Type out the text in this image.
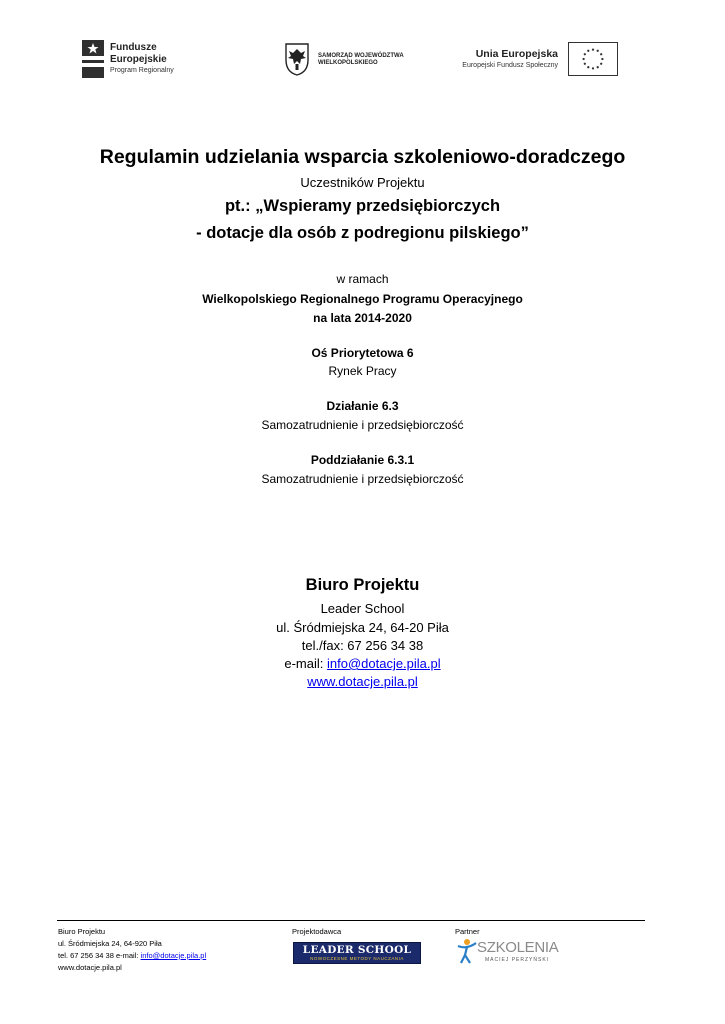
Fundusze
Europejskie
Program Regionalny
SAMORZĄD WOJEWÓDZTWA
WIELKOPOLSKIEGO
Unia Europejska
Europejski Fundusz Społeczny
Regulamin udzielania wsparcia szkoleniowo-doradczego
Uczestników Projektu
pt.: „Wspieramy przedsiębiorczych
- dotacje dla osób z podregionu pilskiego”
w ramach
Wielkopolskiego Regionalnego Programu Operacyjnego
na lata 2014-2020
Oś Priorytetowa 6
Rynek Pracy
Działanie 6.3
Samozatrudnienie i przedsiębiorczość
Poddziałanie 6.3.1
Samozatrudnienie i przedsiębiorczość
Biuro Projektu
Leader School
ul. Śródmiejska 24, 64-20 Piła
tel./fax: 67 256 34 38
e-mail: info@dotacje.pila.pl
www.dotacje.pila.pl
Biuro Projektu
ul. Śródmiejska 24, 64-920 Piła
tel. 67 256 34 38 e-mail: info@dotacje.pila.pl
www.dotacje.pila.pl
Projektodawca
LEADER SCHOOL
NOWOCZESNE METODY NAUCZANIA
Partner
SZKOLENIA
MACIEJ PERZYŃSKI
